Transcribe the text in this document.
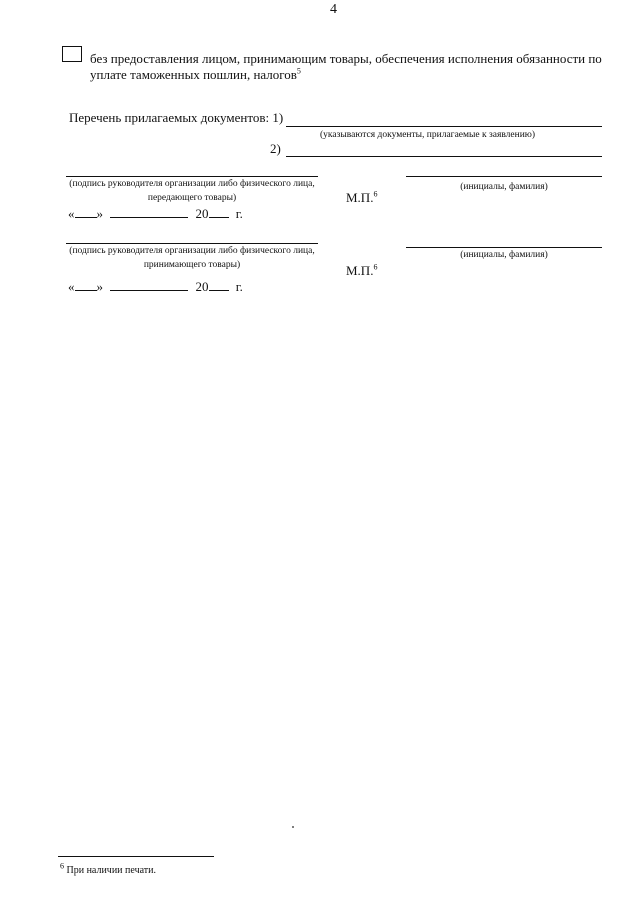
4
без предоставления лицом, принимающим товары, обеспечения исполнения обязанности по уплате таможенных пошлин, налогов$^5$
Перечень прилагаемых документов: 1)
(указываются документы, прилагаемые к заявлению)
2)
(подпись руководителя организации либо физического лица, передающего товары)
(инициалы, фамилия)
М.П.$^6$
« »	20 г.
(подпись руководителя организации либо физического лица, принимающего товары)
(инициалы, фамилия)
М.П.$^6$
« »	20 г.
$^6$ При наличии печати.
